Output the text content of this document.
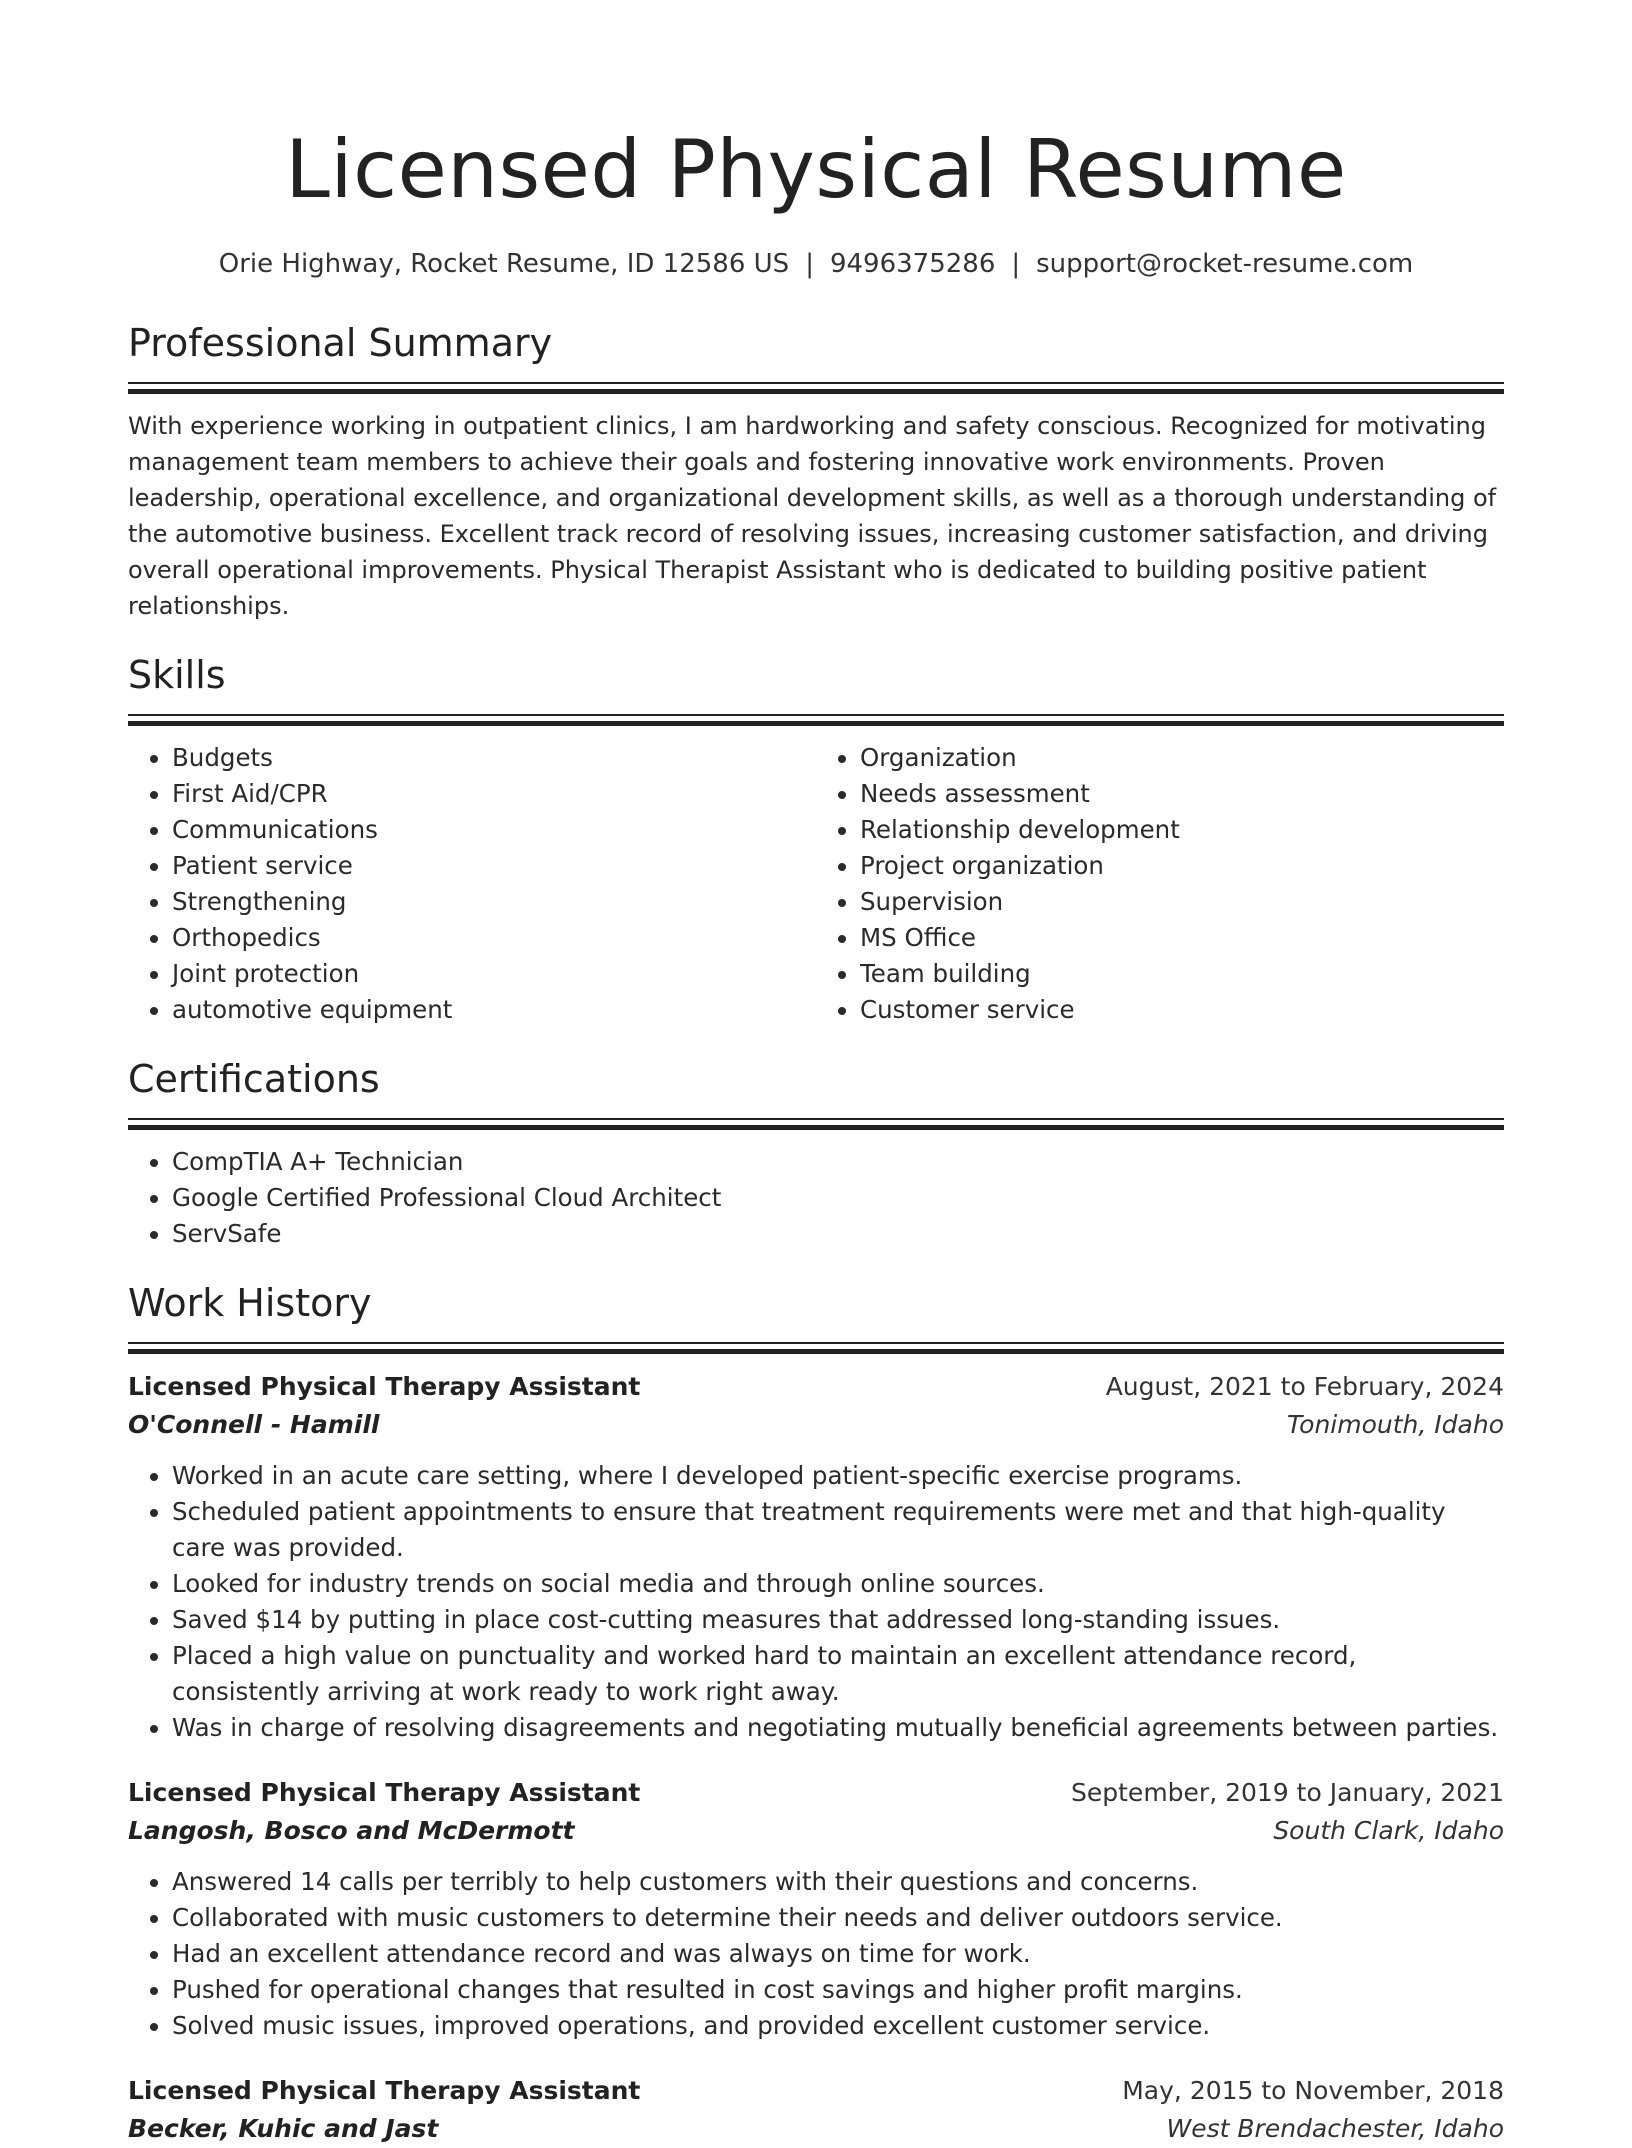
Licensed Physical Resume
Orie Highway, Rocket Resume, ID 12586 US | 9496375286 | support@rocket-resume.com
Professional Summary

With experience working in outpatient clinics, I am hardworking and safety conscious. Recognized for motivating management team members to achieve their goals and fostering innovative work environments. Proven leadership, operational excellence, and organizational development skills, as well as a thorough understanding of the automotive business. Excellent track record of resolving issues, increasing customer satisfaction, and driving overall operational improvements. Physical Therapist Assistant who is dedicated to building positive patient relationships.

Skills
• Budgets
• First Aid/CPR
• Communications
• Patient service
• Strengthening
• Orthopedics
• Joint protection
• automotive equipment
• Organization
• Needs assessment
• Relationship development
• Project organization
• Supervision
• MS Office
• Team building
• Customer service
Certifications
• CompTIA A+ Technician
• Google Certified Professional Cloud Architect
• ServSafe
Work History
Licensed Physical Therapy Assistant	August, 2021 to February, 2024
O'Connell - Hamill	Tonimouth, Idaho
• Worked in an acute care setting, where I developed patient-specific exercise programs.
• Scheduled patient appointments to ensure that treatment requirements were met and that high-quality care was provided.
• Looked for industry trends on social media and through online sources.
• Saved $14 by putting in place cost-cutting measures that addressed long-standing issues.
• Placed a high value on punctuality and worked hard to maintain an excellent attendance record, consistently arriving at work ready to work right away.
• Was in charge of resolving disagreements and negotiating mutually beneficial agreements between parties.
Licensed Physical Therapy Assistant	September, 2019 to January, 2021
Langosh, Bosco and McDermott	South Clark, Idaho
• Answered 14 calls per terribly to help customers with their questions and concerns.
• Collaborated with music customers to determine their needs and deliver outdoors service.
• Had an excellent attendance record and was always on time for work.
• Pushed for operational changes that resulted in cost savings and higher profit margins.
• Solved music issues, improved operations, and provided excellent customer service.
Licensed Physical Therapy Assistant	May, 2015 to November, 2018
Becker, Kuhic and Jast	West Brendachester, Idaho
